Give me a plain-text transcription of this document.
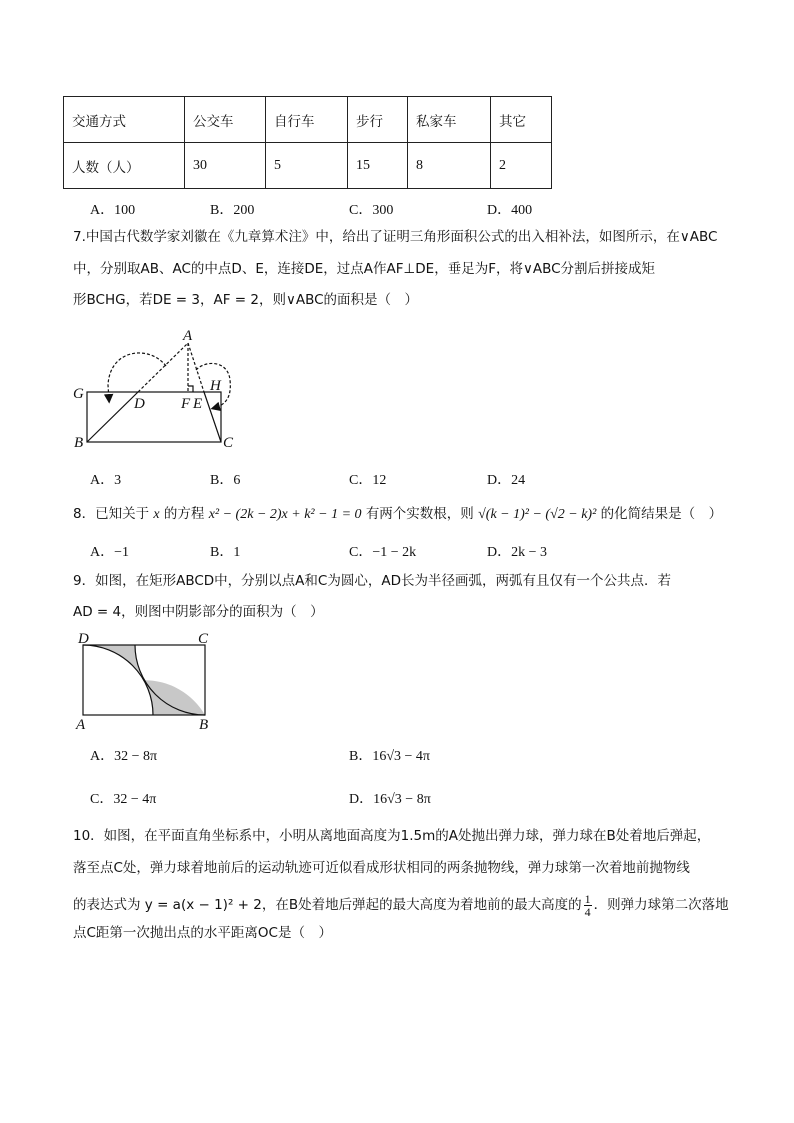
交通方式	公交车	自行车	步行	私家车	其它
人数（人）	30	5	15	8	2
A．100	B．200	C．300	D．400
7.中国古代数学家刘徽在《九章算术注》中，给出了证明三角形面积公式的出入相补法，如图所示，在∨ABC
中，分别取AB、AC的中点D、E，连接DE，过点A作AF⊥DE，垂足为F，将∨ABC分割后拼接成矩
形BCHG，若DE = 3，AF = 2，则∨ABC的面积是（　）
A
G
D F E
H
B	C
D	C
A	B
A．3	B．6	C．12	D．24
8．已知关于 x 的方程 x² − (2k − 2)x + k² − 1 = 0 有两个实数根，则 √(k − 1)² − (√2 − k)² 的化简结果是（　）
A．−1	B．1	C．−1 − 2k	D．2k − 3
9．如图，在矩形ABCD中，分别以点A和C为圆心，AD长为半径画弧，两弧有且仅有一个公共点．若
AD = 4，则图中阴影部分的面积为（　）
A．32 − 8π	B．16√3 − 4π
C．32 − 4π	D．16√3 − 8π
10．如图，在平面直角坐标系中，小明从离地面高度为1.5m的A处抛出弹力球，弹力球在B处着地后弹起，
落至点C处，弹力球着地前后的运动轨迹可近似看成形状相同的两条抛物线，弹力球第一次着地前抛物线
的表达式为 y = a(x − 1)² + 2，在B处着地后弹起的最大高度为着地前的最大高度的 $\frac{1}{4}$ ．则弹力球第二次落地
点C距第一次抛出点的水平距离OC是（　）
